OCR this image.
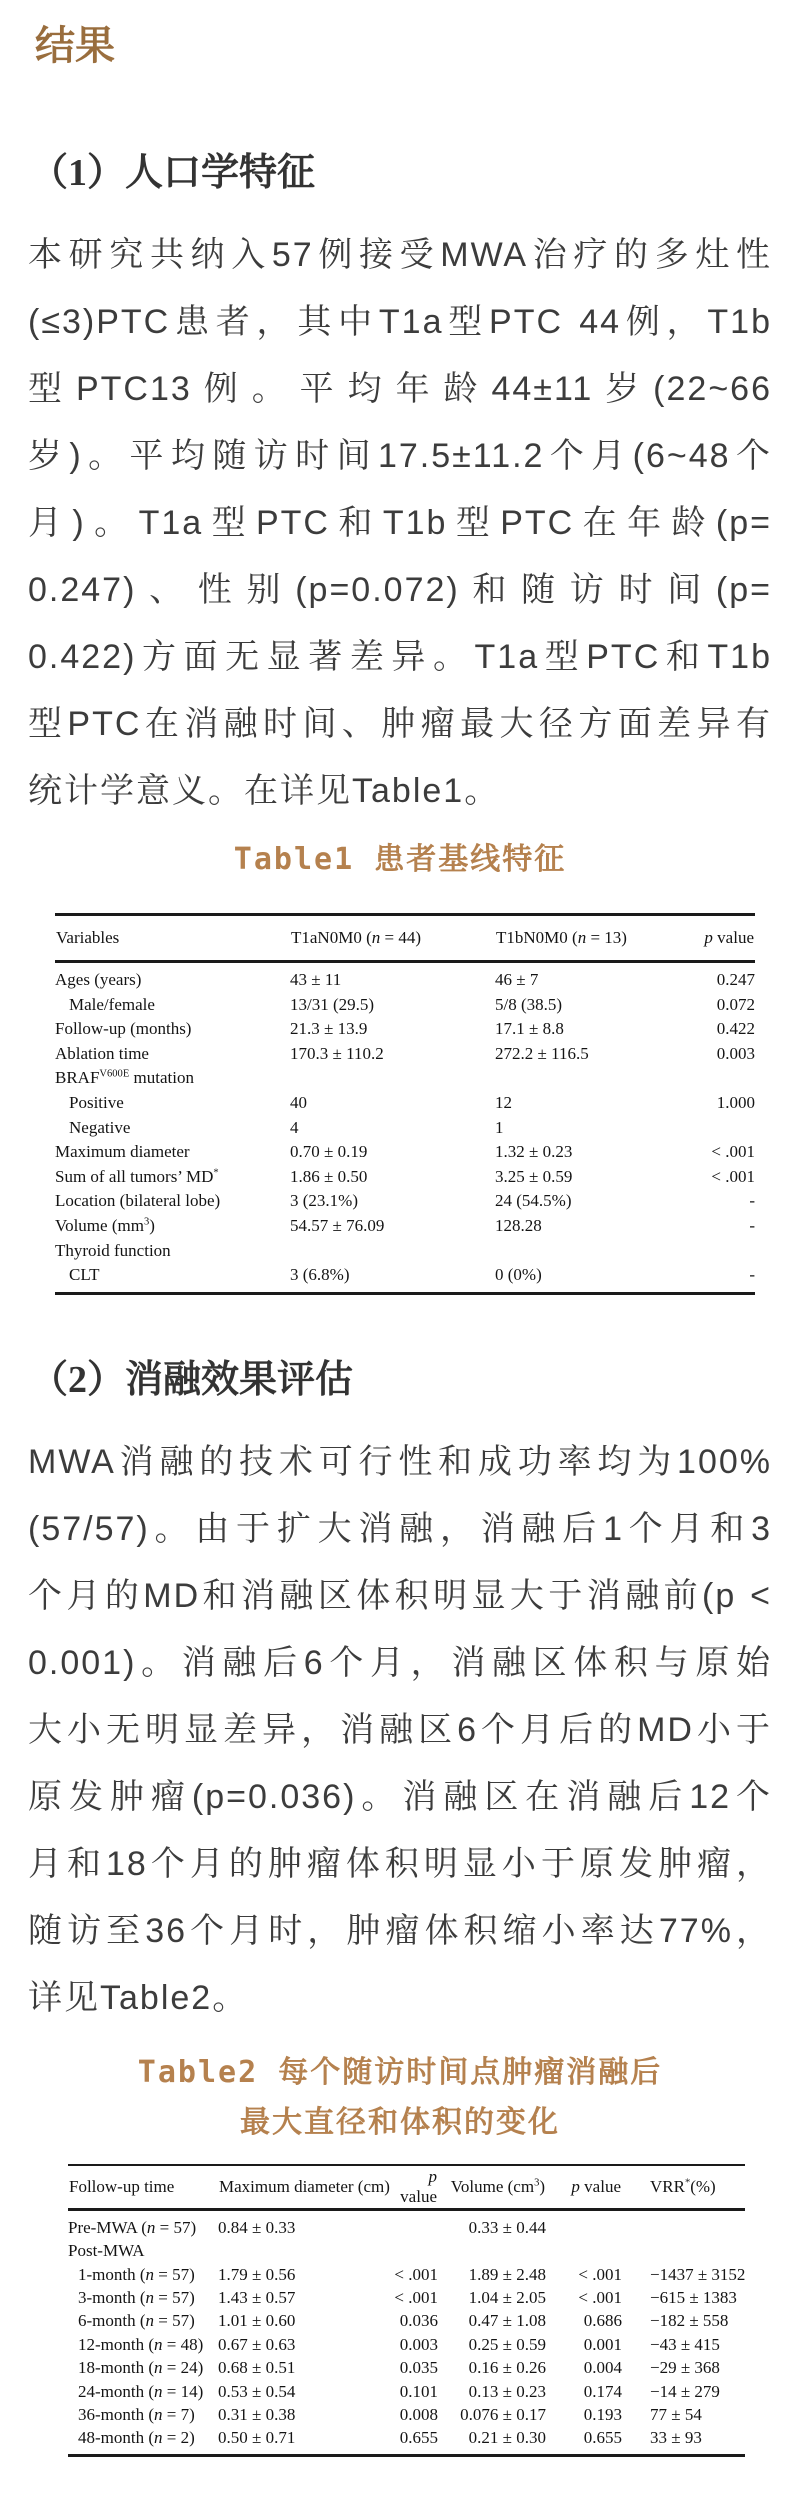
结果
（1）人口学特征
本研究共纳入57例接受MWA治疗的多灶性
(≤3)PTC患者，其中T1a型PTC 44例，T1b
型PTC13例。平均年龄44±11岁(22~66
岁)。平均随访时间17.5±11.2个月(6~48个
月)。T1a型PTC和T1b型PTC在年龄(p=
0.247)、性别(p=0.072)和随访时间(p=
0.422)方面无显著差异。T1a型PTC和T1b
型PTC在消融时间、肿瘤最大径方面差异有
统计学意义。在详见Table1。
Table1 患者基线特征
Variables	T1aN0M0 (n = 44)	T1bN0M0 (n = 13)	p value
Ages (years)	43 ± 11	46 ± 7	0.247
Male/female	13/31 (29.5)	5/8 (38.5)	0.072
Follow-up (months)	21.3 ± 13.9	17.1 ± 8.8	0.422
Ablation time	170.3 ± 110.2	272.2 ± 116.5	0.003
$BRAF^{V600E}$ mutation			
Positive	40	12	1.000
Negative	4	1	
Maximum diameter	0.70 ± 0.19	1.32 ± 0.23	< .001
Sum of all tumors’ MD*	1.86 ± 0.50	3.25 ± 0.59	< .001
Location (bilateral lobe)	3 (23.1%)	24 (54.5%)	-
Volume $(mm^3)$	54.57 ± 76.09	128.28	-
Thyroid function			
CLT	3 (6.8%)	0 (0%)	-
（2）消融效果评估
MWA消融的技术可行性和成功率均为100%
(57/57)。由于扩大消融，消融后1个月和3
个月的MD和消融区体积明显大于消融前(p <
0.001)。消融后6个月，消融区体积与原始
大小无明显差异，消融区6个月后的MD小于
原发肿瘤(p=0.036)。消融区在消融后12个
月和18个月的肿瘤体积明显小于原发肿瘤，
随访至36个月时，肿瘤体积缩小率达77%，
详见Table2。
Table2 每个随访时间点肿瘤消融后
最大直径和体积的变化
Follow-up time	Maximum diameter (cm)	p value	Volume $(cm^3)$	p value	VRR*(%)
Pre-MWA (n = 57)	0.84 ± 0.33		0.33 ± 0.44		
Post-MWA					
1-month (n = 57)	1.79 ± 0.56	< .001	1.89 ± 2.48	< .001	−1437 ± 3152
3-month (n = 57)	1.43 ± 0.57	< .001	1.04 ± 2.05	< .001	−615 ± 1383
6-month (n = 57)	1.01 ± 0.60	0.036	0.47 ± 1.08	0.686	−182 ± 558
12-month (n = 48)	0.67 ± 0.63	0.003	0.25 ± 0.59	0.001	−43 ± 415
18-month (n = 24)	0.68 ± 0.51	0.035	0.16 ± 0.26	0.004	−29 ± 368
24-month (n = 14)	0.53 ± 0.54	0.101	0.13 ± 0.23	0.174	−14 ± 279
36-month (n = 7)	0.31 ± 0.38	0.008	0.076 ± 0.17	0.193	77 ± 54
48-month (n = 2)	0.50 ± 0.71	0.655	0.21 ± 0.30	0.655	33 ± 93
